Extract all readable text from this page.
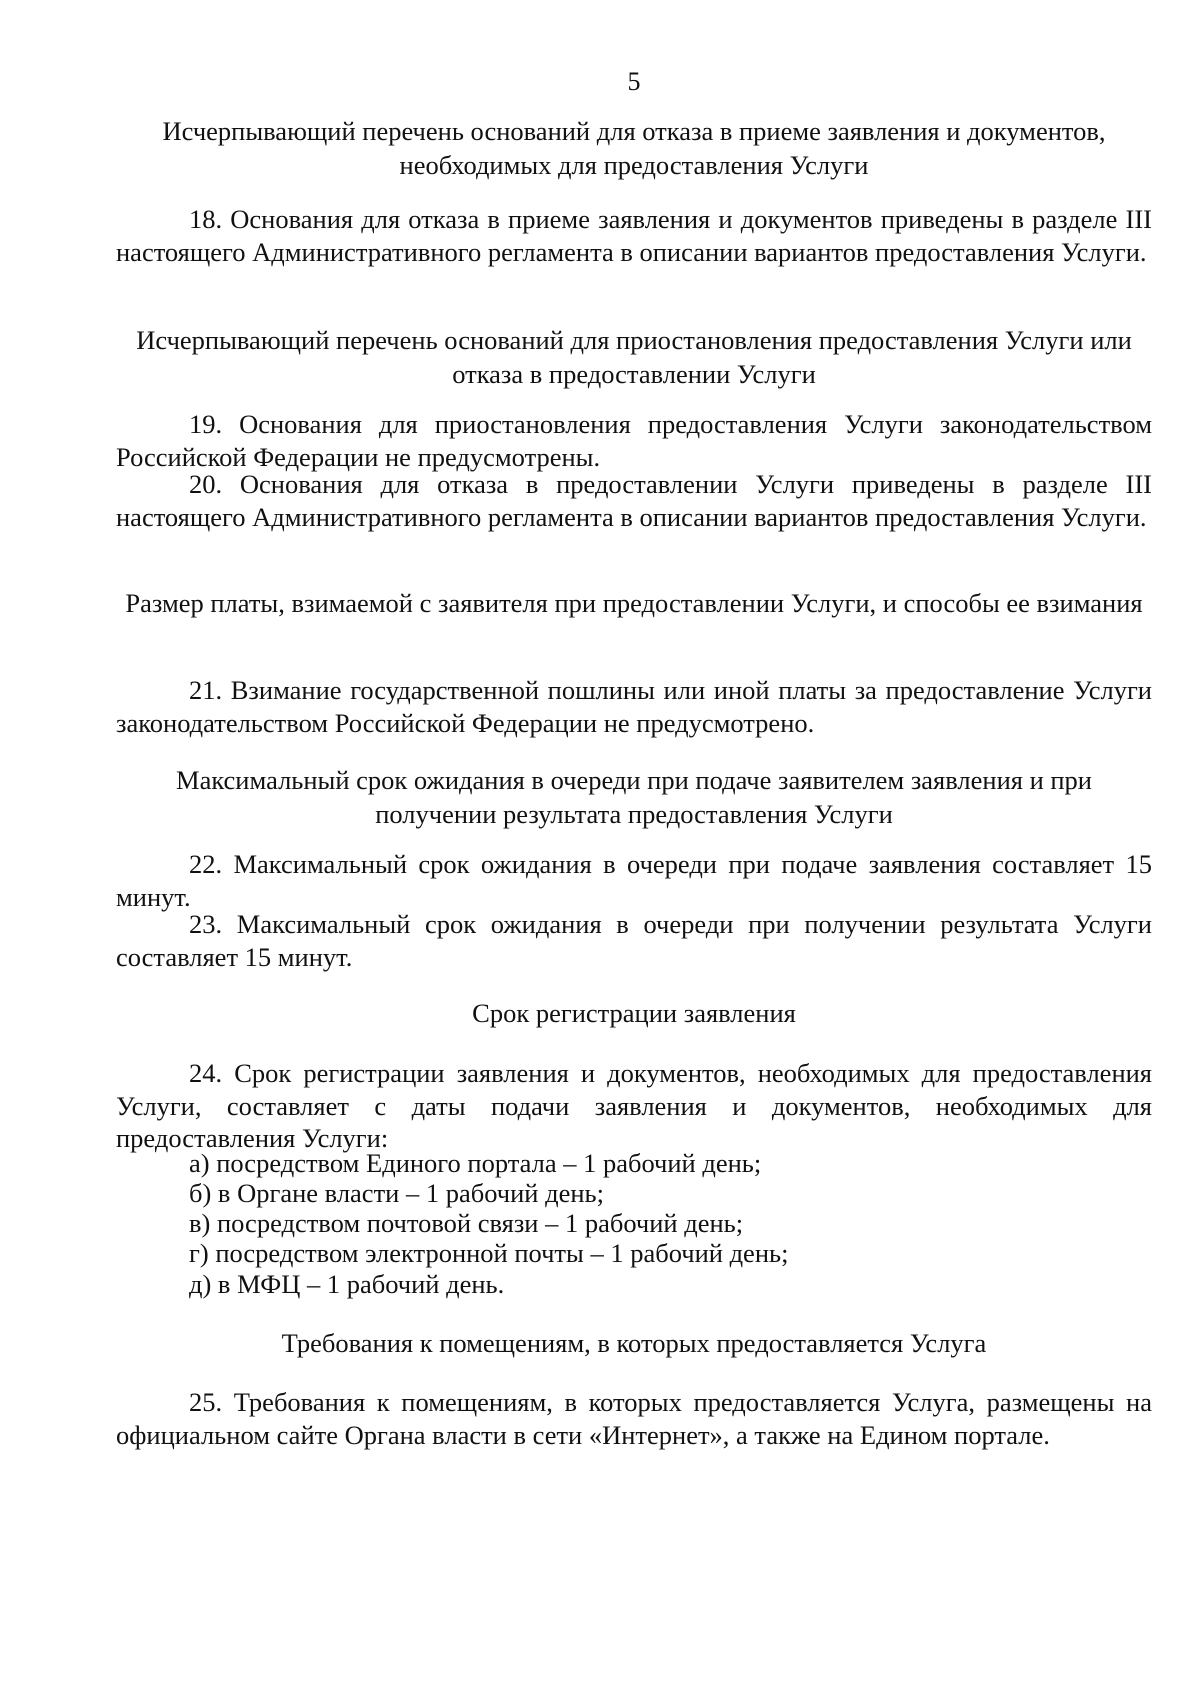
5
Исчерпывающий перечень оснований для отказа в приеме заявления и документов, необходимых для предоставления Услуги
18. Основания для отказа в приеме заявления и документов приведены в разделе III настоящего Административного регламента в описании вариантов предоставления Услуги.
Исчерпывающий перечень оснований для приостановления предоставления Услуги или отказа в предоставлении Услуги
19. Основания для приостановления предоставления Услуги законодательством Российской Федерации не предусмотрены.
20. Основания для отказа в предоставлении Услуги приведены в разделе III настоящего Административного регламента в описании вариантов предоставления Услуги.
Размер платы, взимаемой с заявителя при предоставлении Услуги, и способы ее взимания
21. Взимание государственной пошлины или иной платы за предоставление Услуги законодательством Российской Федерации не предусмотрено.
Максимальный срок ожидания в очереди при подаче заявителем заявления и при получении результата предоставления Услуги
22. Максимальный срок ожидания в очереди при подаче заявления составляет 15 минут.
23. Максимальный срок ожидания в очереди при получении результата Услуги составляет 15 минут.
Срок регистрации заявления
24. Срок регистрации заявления и документов, необходимых для предоставления Услуги, составляет с даты подачи заявления и документов, необходимых для предоставления Услуги:
а) посредством Единого портала – 1 рабочий день;
б) в Органе власти – 1 рабочий день;
в) посредством почтовой связи – 1 рабочий день;
г) посредством электронной почты – 1 рабочий день;
д) в МФЦ – 1 рабочий день.
Требования к помещениям, в которых предоставляется Услуга
25. Требования к помещениям, в которых предоставляется Услуга, размещены на официальном сайте Органа власти в сети «Интернет», а также на Едином портале.
